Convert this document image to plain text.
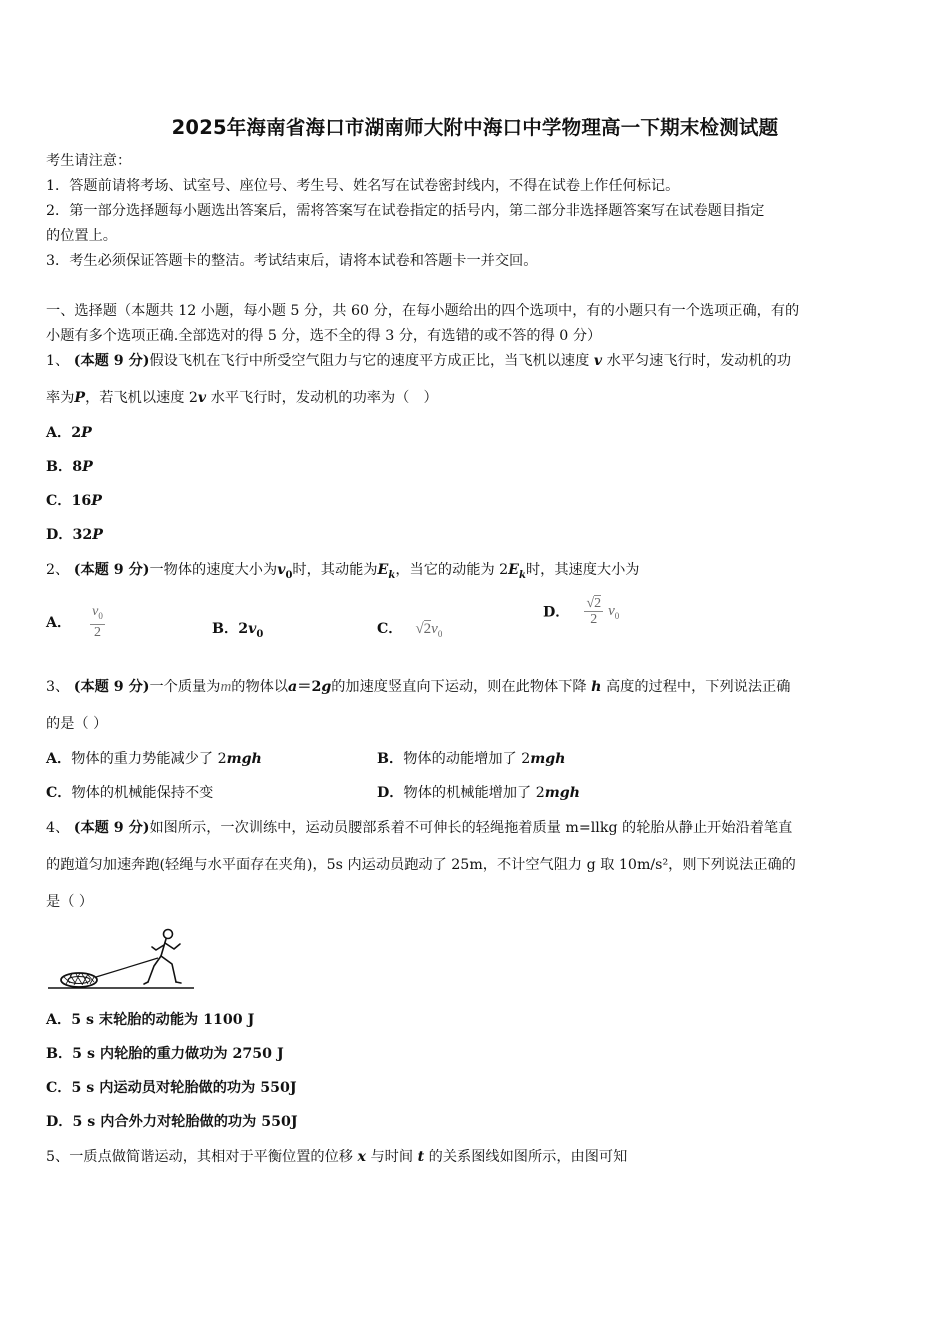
2025年海南省海口市湖南师大附中海口中学物理高一下期末检测试题
考生请注意：
1．答题前请将考场、试室号、座位号、考生号、姓名写在试卷密封线内，不得在试卷上作任何标记。
2．第一部分选择题每小题选出答案后，需将答案写在试卷指定的括号内，第二部分非选择题答案写在试卷题目指定
的位置上。
3．考生必须保证答题卡的整洁。考试结束后，请将本试卷和答题卡一并交回。
一、选择题（本题共 12 小题，每小题 5 分，共 60 分，在每小题给出的四个选项中，有的小题只有一个选项正确，有的
小题有多个选项正确.全部选对的得 5 分，选不全的得 3 分，有选错的或不答的得 0 分）
1、 (本题 9 分)假设飞机在飞行中所受空气阻力与它的速度平方成正比，当飞机以速度 v 水平匀速飞行时，发动机的功
率为P，若飞机以速度 2v 水平飞行时，发动机的功率为（　）
A．2P
B．8P
C．16P
D．32P
2、 (本题 9 分)一物体的速度大小为$v_0$时，其动能为$E_k$，当它的动能为 $2E_k$时，其速度大小为
A． $\frac{v_0}{2}$	B．$2v_0$	C． $√2v_0$
D． $\frac{√2}{2} v_0$
3、 (本题 9 分)一个质量为m的物体以a＝2g的加速度竖直向下运动，则在此物体下降 h 高度的过程中，下列说法正确
的是（ ）
A．物体的重力势能减少了 2mgh	B．物体的动能增加了 2mgh
C．物体的机械能保持不变	D．物体的机械能增加了 2mgh
4、 (本题 9 分)如图所示，一次训练中，运动员腰部系着不可伸长的轻绳拖着质量 m=llkg 的轮胎从静止开始沿着笔直
的跑道匀加速奔跑(轻绳与水平面存在夹角)，5s 内运动员跑动了 25m，不计空气阻力 g 取 10m/s²，则下列说法正确的
是（ ）
A．5 s 末轮胎的动能为 1100 J
B．5 s 内轮胎的重力做功为 2750 J
C．5 s 内运动员对轮胎做的功为 550J
D．5 s 内合外力对轮胎做的功为 550J
5、一质点做简谐运动，其相对于平衡位置的位移 x 与时间 t 的关系图线如图所示，由图可知
